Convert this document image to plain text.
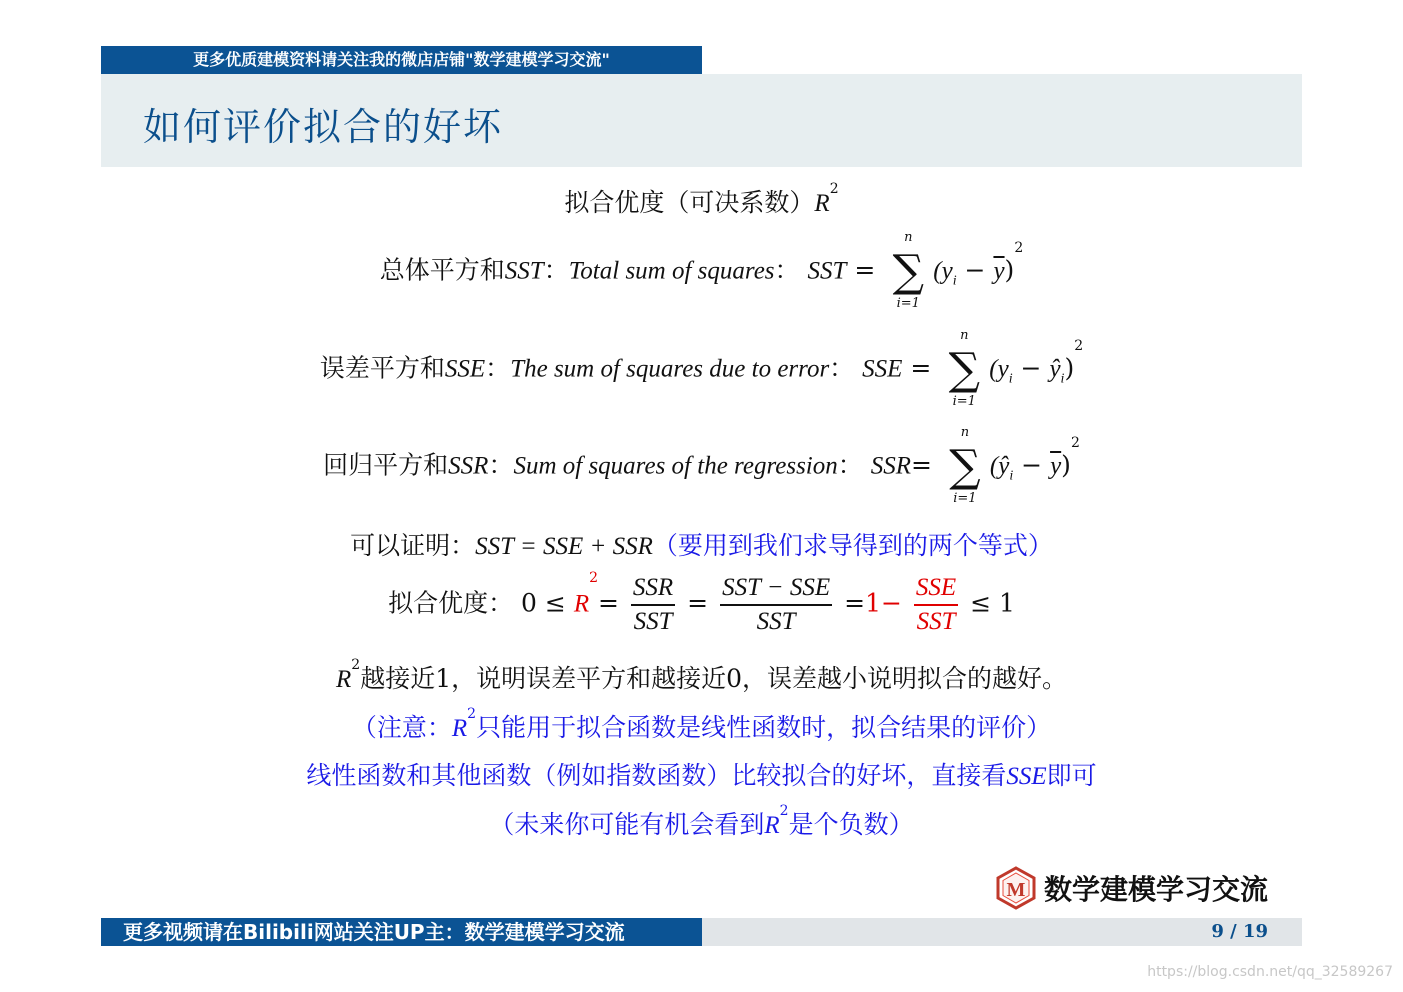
更多优质建模资料请关注我的微店店铺"数学建模学习交流"
如何评价拟合的好坏
拟合优度（可决系数）$R^2$
总体平方和SST：Total sum of squares： SST =
n
∑
i=1
$(y_i - \overline{y})^2$
误差平方和SSE：The sum of squares due to error： SSE =
n
∑
i=1
($y_i$ − $ŷ_i)^2$
回归平方和SSR：Sum of squares of the regression： SSR=
n
∑
i=1
$(ŷ_i - \overline{y})^2$
可以证明：SST = SSE + SSR（要用到我们求导得到的两个等式）
拟合优度： $0 \le R^2= \frac{\text{SSR}}{\text{SST}} = \frac{\text{SST − SSE}}{\text{SST}} =1- \frac{\text{SSE}}{\text{SST}} \le 1$
$R^2$越接近1，说明误差平方和越接近0，误差越小说明拟合的越好。
（注意：$R^2$只能用于拟合函数是线性函数时，拟合结果的评价）
线性函数和其他函数（例如指数函数）比较拟合的好坏，直接看SSE即可
（未来你可能有机会看到$R^2$是个负数）
M 数学建模学习交流
更多视频请在Bilibili网站关注UP主：数学建模学习交流	9 / 19
https://blog.csdn.net/qq_32589267
